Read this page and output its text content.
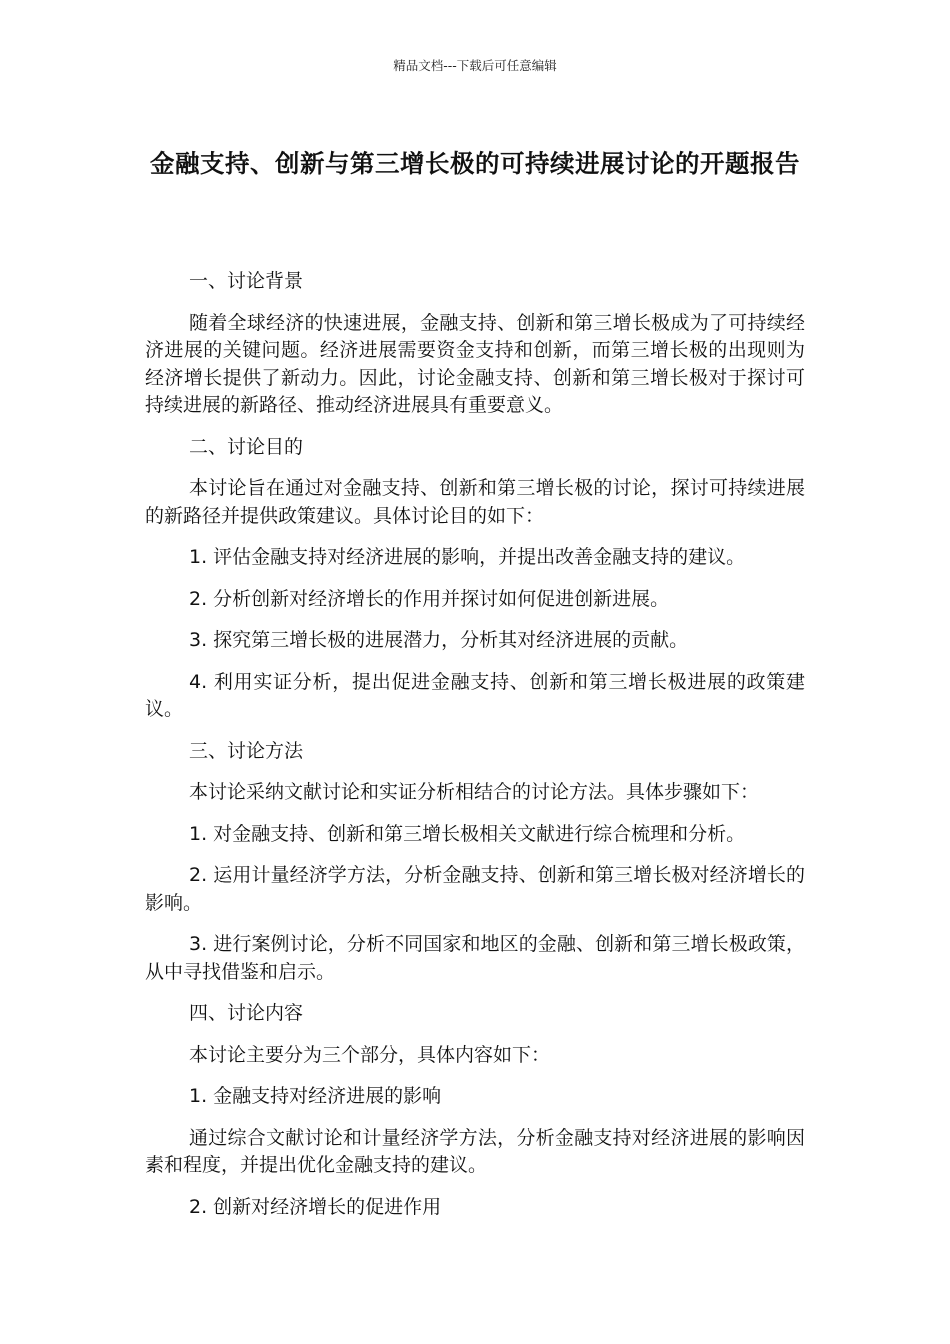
精品文档---下载后可任意编辑
金融支持、创新与第三增长极的可持续进展讨论的开题报告

一、讨论背景

随着全球经济的快速进展，金融支持、创新和第三增长极成为了可持续经济进展的关键问题。经济进展需要资金支持和创新，而第三增长极的出现则为经济增长提供了新动力。因此，讨论金融支持、创新和第三增长极对于探讨可持续进展的新路径、推动经济进展具有重要意义。

二、讨论目的

本讨论旨在通过对金融支持、创新和第三增长极的讨论，探讨可持续进展的新路径并提供政策建议。具体讨论目的如下：

1. 评估金融支持对经济进展的影响，并提出改善金融支持的建议。

2. 分析创新对经济增长的作用并探讨如何促进创新进展。

3. 探究第三增长极的进展潜力，分析其对经济进展的贡献。

4. 利用实证分析，提出促进金融支持、创新和第三增长极进展的政策建议。

三、讨论方法

本讨论采纳文献讨论和实证分析相结合的讨论方法。具体步骤如下：

1. 对金融支持、创新和第三增长极相关文献进行综合梳理和分析。

2. 运用计量经济学方法，分析金融支持、创新和第三增长极对经济增长的影响。

3. 进行案例讨论，分析不同国家和地区的金融、创新和第三增长极政策，从中寻找借鉴和启示。

四、讨论内容

本讨论主要分为三个部分，具体内容如下：

1. 金融支持对经济进展的影响

通过综合文献讨论和计量经济学方法，分析金融支持对经济进展的影响因素和程度，并提出优化金融支持的建议。

2. 创新对经济增长的促进作用
